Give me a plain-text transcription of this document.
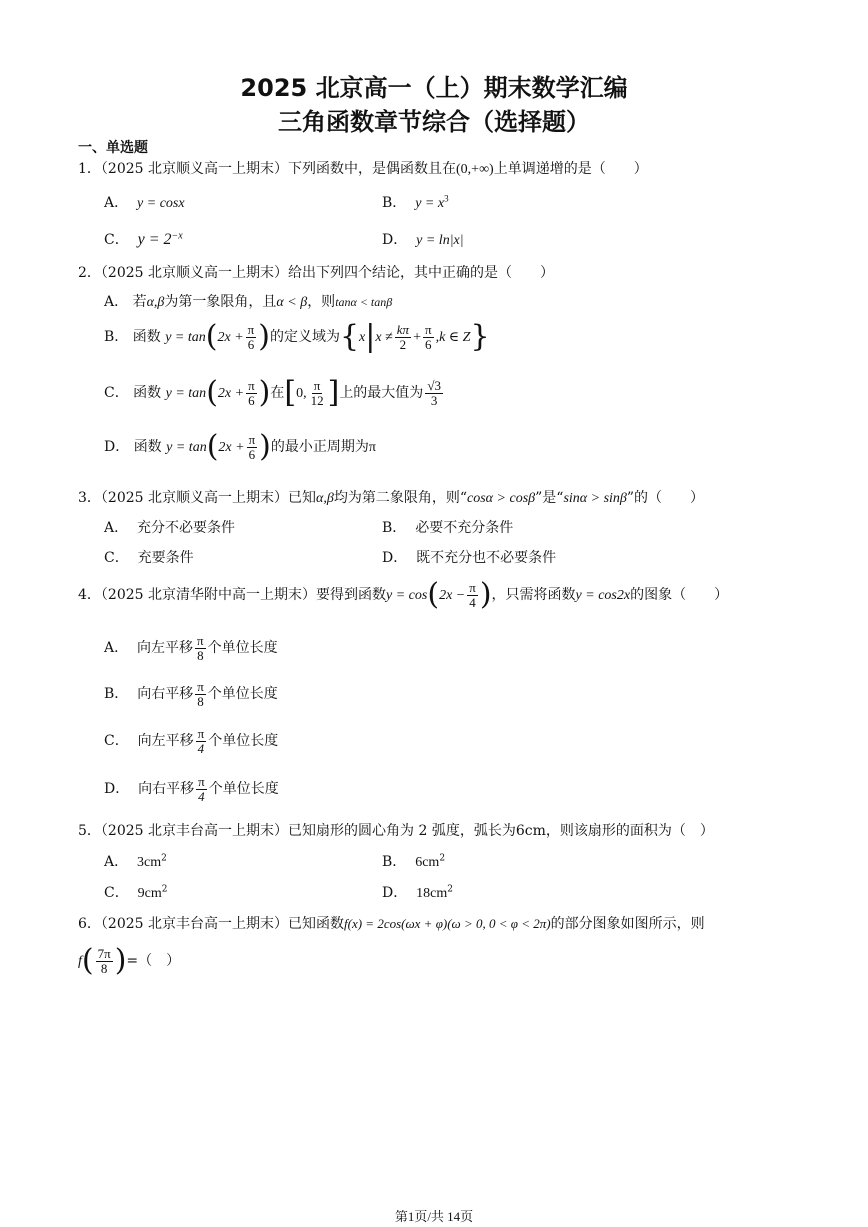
2025 北京高一（上）期末数学汇编
三角函数章节综合（选择题）
一、单选题
1．（2025 北京顺义高一上期末）下列函数中，是偶函数且在(0,+∞)上单调递增的是（　　）
A． y = cosx	B． $y = x^3$
C． $y = 2^{-x}$	D． y = ln|x|
2．（2025 北京顺义高一上期末）给出下列四个结论，其中正确的是（　　）
A． 若α,β为第一象限角，且α < β，则tanα < tanβ
B． 函数 $y = \tan(2x + \frac{\pi}{6}$ )的定义域为{$x|x \ne \frac{k\pi}{2} + \frac{\pi}{6} ,k$ ∈ Z}
C． 函数 $y = \tan(2x + \frac{\pi}{6}$ )在[0, $\frac{\pi}{12}$ ]上的最大值为 $\frac{√3}{3}$
D． 函数 $y = \tan(2x + \frac{\pi}{6}$ )的最小正周期为π
3．（2025 北京顺义高一上期末）已知α,β均为第二象限角，则“cosα > cosβ”是“sinα > sinβ”的（　　）
A． 充分不必要条件	B． 必要不充分条件
C． 充要条件	D． 既不充分也不必要条件
4．（2025 北京清华附中高一上期末）要得到函数$y = \cos(2x - \frac{\pi}{4}$ )，只需将函数y = cos2x的图象（　　）
A． 向左平移 $\frac{\pi}{8}$ 个单位长度
B． 向右平移 $\frac{\pi}{8}$ 个单位长度
C． 向左平移 $\frac{\pi}{4}$ 个单位长度
D． 向右平移 $\frac{\pi}{4}$ 个单位长度
5．（2025 北京丰台高一上期末）已知扇形的圆心角为 2 弧度，弧长为6cm，则该扇形的面积为（　）
A． $3cm^2$	B． $6cm^2$
C． $9cm^2$	D． $18cm^2$
6．（2025 北京丰台高一上期末）已知函数f(x) = 2cos(ωx + φ)(ω > 0, 0 < φ < 2π)的部分图象如图所示，则
$f( \frac{7\pi}{8}$ )=（　）
第1页/共 14页
